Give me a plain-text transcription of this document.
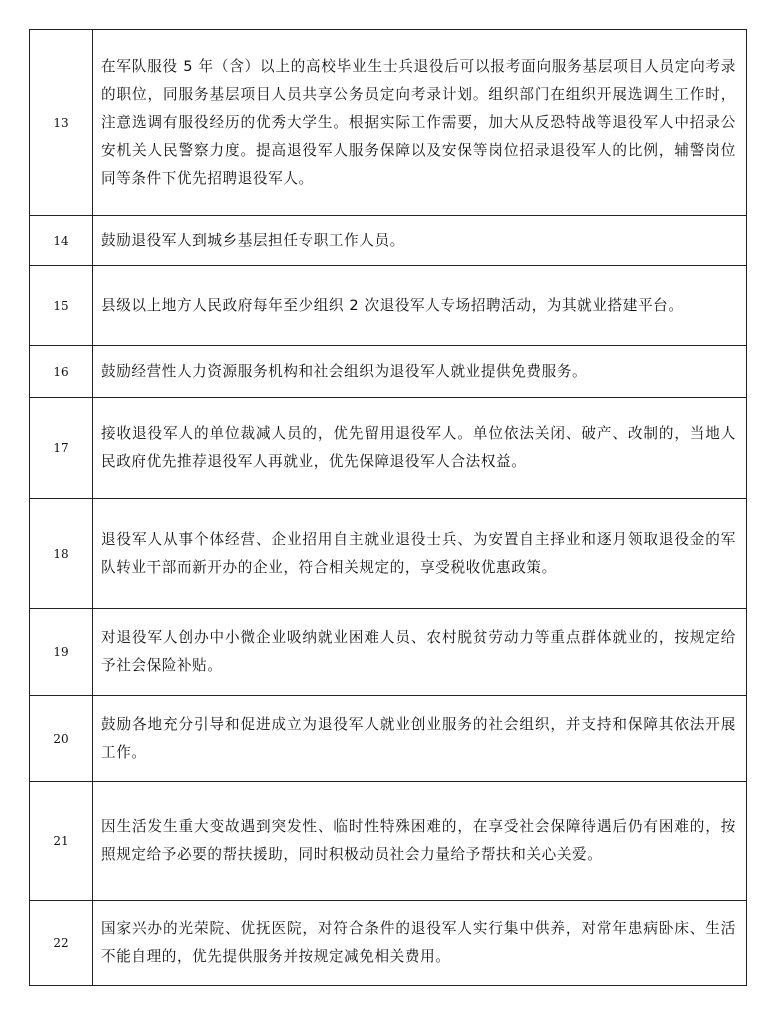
13	在军队服役 5 年（含）以上的高校毕业生士兵退役后可以报考面向服务基层项目人员定向考录的职位，同服务基层项目人员共享公务员定向考录计划。组织部门在组织开展选调生工作时，注意选调有服役经历的优秀大学生。根据实际工作需要，加大从反恐特战等退役军人中招录公安机关人民警察力度。提高退役军人服务保障以及安保等岗位招录退役军人的比例，辅警岗位同等条件下优先招聘退役军人。
14	鼓励退役军人到城乡基层担任专职工作人员。
15	县级以上地方人民政府每年至少组织 2 次退役军人专场招聘活动，为其就业搭建平台。
16	鼓励经营性人力资源服务机构和社会组织为退役军人就业提供免费服务。
17	接收退役军人的单位裁减人员的，优先留用退役军人。单位依法关闭、破产、改制的，当地人民政府优先推荐退役军人再就业，优先保障退役军人合法权益。
18	退役军人从事个体经营、企业招用自主就业退役士兵、为安置自主择业和逐月领取退役金的军队转业干部而新开办的企业，符合相关规定的，享受税收优惠政策。
19	对退役军人创办中小微企业吸纳就业困难人员、农村脱贫劳动力等重点群体就业的，按规定给予社会保险补贴。
20	鼓励各地充分引导和促进成立为退役军人就业创业服务的社会组织，并支持和保障其依法开展工作。
21	因生活发生重大变故遇到突发性、临时性特殊困难的，在享受社会保障待遇后仍有困难的，按照规定给予必要的帮扶援助，同时积极动员社会力量给予帮扶和关心关爱。
22	国家兴办的光荣院、优抚医院，对符合条件的退役军人实行集中供养，对常年患病卧床、生活不能自理的，优先提供服务并按规定减免相关费用。
